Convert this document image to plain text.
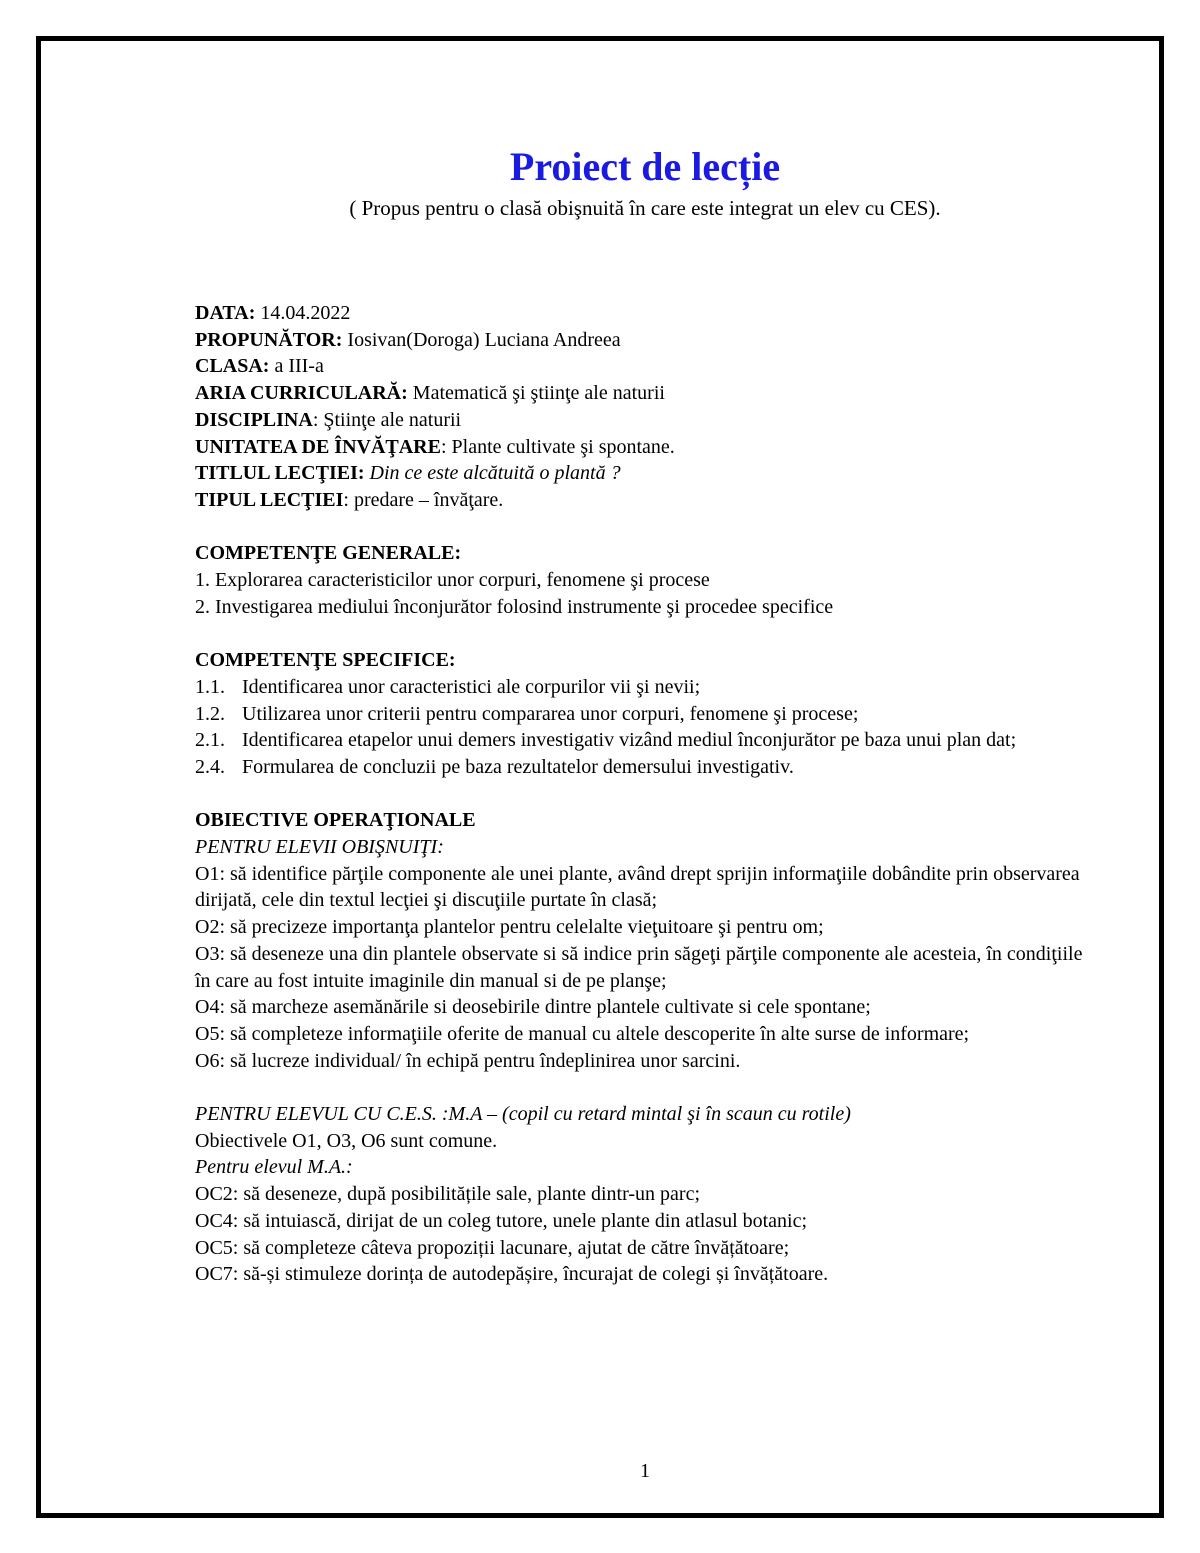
Proiect de lecție
( Propus pentru o clasă obişnuită în care este integrat un elev cu CES).
DATA: 14.04.2022
PROPUNĂTOR: Iosivan(Doroga) Luciana Andreea
CLASA: a III-a
ARIA CURRICULARĂ: Matematică şi ştiinţe ale naturii
DISCIPLINA: Ştiinţe ale naturii
UNITATEA DE ÎNVĂŢARE: Plante cultivate şi spontane.
TITLUL LECŢIEI: Din ce este alcătuită o plantă ?
TIPUL LECŢIEI: predare – învăţare.
COMPETENŢE GENERALE:
1. Explorarea caracteristicilor unor corpuri, fenomene şi procese
2. Investigarea mediului înconjurător folosind instrumente şi procedee specifice
COMPETENŢE SPECIFICE:
1.1. Identificarea unor caracteristici ale corpurilor vii şi nevii;
1.2. Utilizarea unor criterii pentru compararea unor corpuri, fenomene şi procese;
2.1. Identificarea etapelor unui demers investigativ vizând mediul înconjurător pe baza unui plan dat;
2.4. Formularea de concluzii pe baza rezultatelor demersului investigativ.
OBIECTIVE OPERAŢIONALE
PENTRU ELEVII OBIŞNUIŢI:
O1: să identifice părţile componente ale unei plante, având drept sprijin informaţiile dobândite prin observarea dirijată, cele din textul lecţiei şi discuţiile purtate în clasă;
O2: să precizeze importanţa plantelor pentru celelalte vieţuitoare şi pentru om;
O3: să deseneze una din plantele observate si să indice prin săgeţi părţile componente ale acesteia, în condiţiile în care au fost intuite imaginile din manual si de pe planşe;
O4: să marcheze asemănările si deosebirile dintre plantele cultivate si cele spontane;
O5: să completeze informaţiile oferite de manual cu altele descoperite în alte surse de informare;
O6: să lucreze individual/ în echipă pentru îndeplinirea unor sarcini.
PENTRU ELEVUL CU C.E.S. :M.A – (copil cu retard mintal şi în scaun cu rotile)
Obiectivele O1, O3, O6 sunt comune.
Pentru elevul M.A.:
OC2: să deseneze, după posibilitățile sale, plante dintr-un parc;
OC4: să intuiască, dirijat de un coleg tutore, unele plante din atlasul botanic;
OC5: să completeze câteva propoziții lacunare, ajutat de către învățătoare;
OC7: să-și stimuleze dorința de autodepășire, încurajat de colegi și învățătoare.
1
